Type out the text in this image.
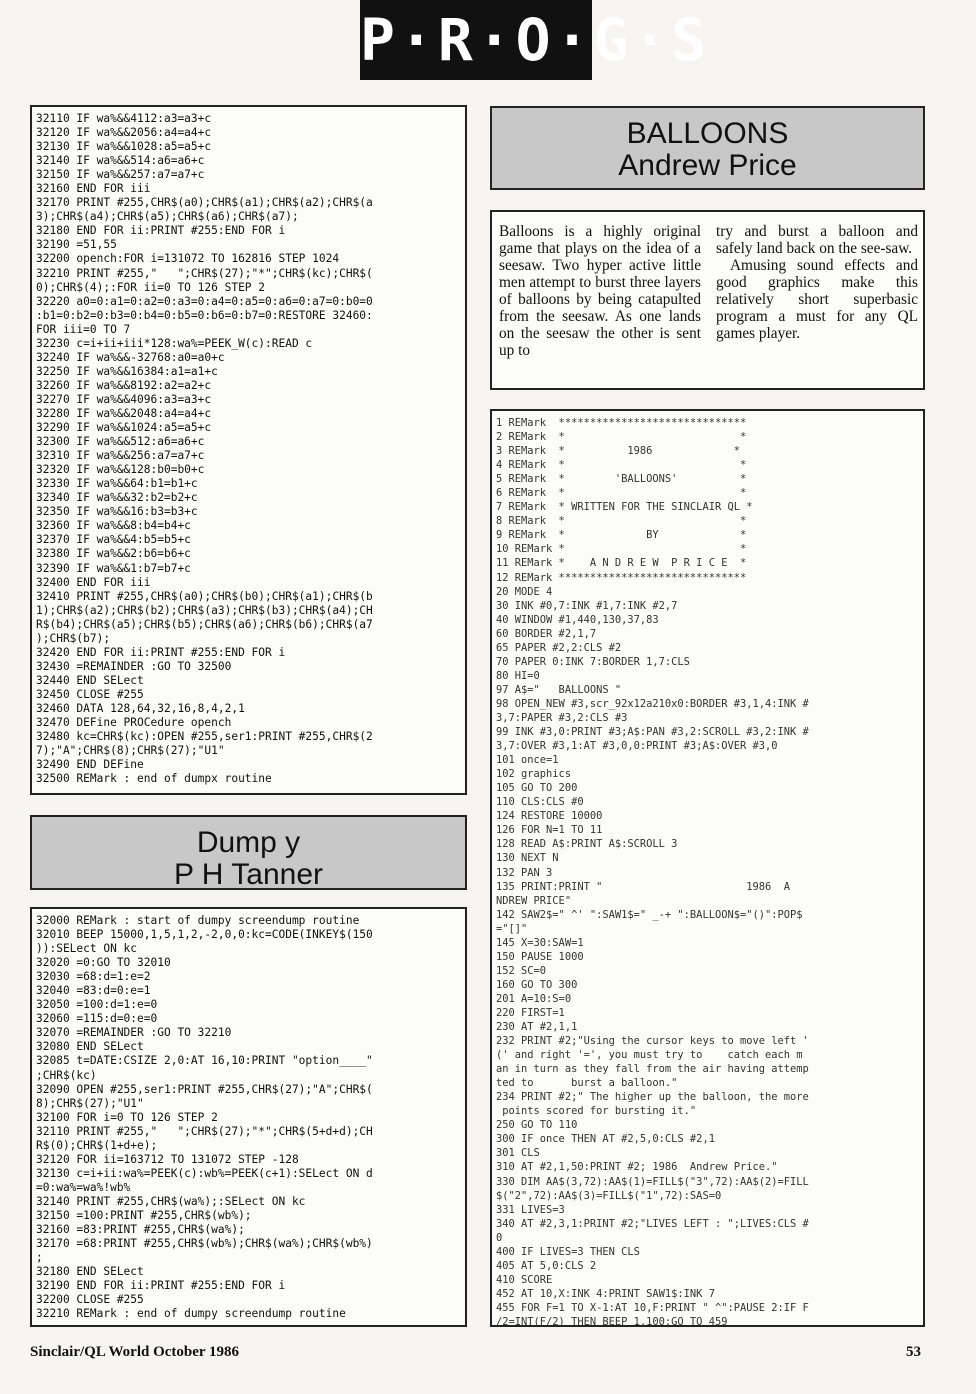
P·R·O·G·S
32110 IF wa%&&4112:a3=a3+c
32120 IF wa%&&2056:a4=a4+c
32130 IF wa%&&1028:a5=a5+c
32140 IF wa%&&514:a6=a6+c
32150 IF wa%&&257:a7=a7+c
32160 END FOR iii
32170 PRINT #255,CHR$(a0);CHR$(a1);CHR$(a2);CHR$(a
3);CHR$(a4);CHR$(a5);CHR$(a6);CHR$(a7);
32180 END FOR ii:PRINT #255:END FOR i
32190 =51,55
32200 opench:FOR i=131072 TO 162816 STEP 1024
32210 PRINT #255,"   ";CHR$(27);"*";CHR$(kc);CHR$(
0);CHR$(4);:FOR ii=0 TO 126 STEP 2
32220 a0=0:a1=0:a2=0:a3=0:a4=0:a5=0:a6=0:a7=0:b0=0
:b1=0:b2=0:b3=0:b4=0:b5=0:b6=0:b7=0:RESTORE 32460:
FOR iii=0 TO 7
32230 c=i+ii+iii*128:wa%=PEEK_W(c):READ c
32240 IF wa%&&-32768:a0=a0+c
32250 IF wa%&&16384:a1=a1+c
32260 IF wa%&&8192:a2=a2+c
32270 IF wa%&&4096:a3=a3+c
32280 IF wa%&&2048:a4=a4+c
32290 IF wa%&&1024:a5=a5+c
32300 IF wa%&&512:a6=a6+c
32310 IF wa%&&256:a7=a7+c
32320 IF wa%&&128:b0=b0+c
32330 IF wa%&&64:b1=b1+c
32340 IF wa%&&32:b2=b2+c
32350 IF wa%&&16:b3=b3+c
32360 IF wa%&&8:b4=b4+c
32370 IF wa%&&4:b5=b5+c
32380 IF wa%&&2:b6=b6+c
32390 IF wa%&&1:b7=b7+c
32400 END FOR iii
32410 PRINT #255,CHR$(a0);CHR$(b0);CHR$(a1);CHR$(b
1);CHR$(a2);CHR$(b2);CHR$(a3);CHR$(b3);CHR$(a4);CH
R$(b4);CHR$(a5);CHR$(b5);CHR$(a6);CHR$(b6);CHR$(a7
);CHR$(b7);
32420 END FOR ii:PRINT #255:END FOR i
32430 =REMAINDER :GO TO 32500
32440 END SELect
32450 CLOSE #255
32460 DATA 128,64,32,16,8,4,2,1
32470 DEFine PROCedure opench
32480 kc=CHR$(kc):OPEN #255,ser1:PRINT #255,CHR$(2
7);"A";CHR$(8);CHR$(27);"U1"
32490 END DEFine
32500 REMark : end of dumpx routine
Dump y
P H Tanner
32000 REMark : start of dumpy screendump routine
32010 BEEP 15000,1,5,1,2,-2,0,0:kc=CODE(INKEY$(150
)):SELect ON kc
32020 =0:GO TO 32010
32030 =68:d=1:e=2
32040 =83:d=0:e=1
32050 =100:d=1:e=0
32060 =115:d=0:e=0
32070 =REMAINDER :GO TO 32210
32080 END SELect
32085 t=DATE:CSIZE 2,0:AT 16,10:PRINT "option____"
;CHR$(kc)
32090 OPEN #255,ser1:PRINT #255,CHR$(27);"A";CHR$(
8);CHR$(27);"U1"
32100 FOR i=0 TO 126 STEP 2
32110 PRINT #255,"   ";CHR$(27);"*";CHR$(5+d+d);CH
R$(0);CHR$(1+d+e);
32120 FOR ii=163712 TO 131072 STEP -128
32130 c=i+ii:wa%=PEEK(c):wb%=PEEK(c+1):SELect ON d
=0:wa%=wa%!wb%
32140 PRINT #255,CHR$(wa%);:SELect ON kc
32150 =100:PRINT #255,CHR$(wb%);
32160 =83:PRINT #255,CHR$(wa%);
32170 =68:PRINT #255,CHR$(wb%);CHR$(wa%);CHR$(wb%)
;
32180 END SELect
32190 END FOR ii:PRINT #255:END FOR i
32200 CLOSE #255
32210 REMark : end of dumpy screendump routine
BALLOONS
Andrew Price

Balloons is a highly original game that plays on the idea of a seesaw. Two hyper active little men attempt to burst three layers of balloons by being catapulted from the seesaw. As one lands on the seesaw the other is sent up to

try and burst a balloon and safely land back on the see-saw.

Amusing sound effects and good graphics make this relatively short superbasic program a must for any QL games player.

1 REMark  ******************************
2 REMark  *                            *
3 REMark  *          1986             *
4 REMark  *                            *
5 REMark  *        'BALLOONS'          *
6 REMark  *                            *
7 REMark  * WRITTEN FOR THE SINCLAIR QL *
8 REMark  *                            *
9 REMark  *             BY             *
10 REMark *                            *
11 REMark *    A N D R E W  P R I C E  *
12 REMark ******************************
20 MODE 4
30 INK #0,7:INK #1,7:INK #2,7
40 WINDOW #1,440,130,37,83
60 BORDER #2,1,7
65 PAPER #2,2:CLS #2
70 PAPER 0:INK 7:BORDER 1,7:CLS
80 HI=0
97 A$="   BALLOONS "
98 OPEN_NEW #3,scr_92x12a210x0:BORDER #3,1,4:INK #
3,7:PAPER #3,2:CLS #3
99 INK #3,0:PRINT #3;A$:PAN #3,2:SCROLL #3,2:INK #
3,7:OVER #3,1:AT #3,0,0:PRINT #3;A$:OVER #3,0
101 once=1
102 graphics
105 GO TO 200
110 CLS:CLS #0
124 RESTORE 10000
126 FOR N=1 TO 11
128 READ A$:PRINT A$:SCROLL 3
130 NEXT N
132 PAN 3
135 PRINT:PRINT "                       1986  A
NDREW PRICE"
142 SAW2$=" ^' ":SAW1$=" _-+ ":BALLOON$="()":POP$
="[]"
145 X=30:SAW=1
150 PAUSE 1000
152 SC=0
160 GO TO 300
201 A=10:S=0
220 FIRST=1
230 AT #2,1,1
232 PRINT #2;"Using the cursor keys to move left '
(' and right '=', you must try to    catch each m
an in turn as they fall from the air having attemp
ted to      burst a balloon."
234 PRINT #2;" The higher up the balloon, the more
points scored for bursting it."
250 GO TO 110
300 IF once THEN AT #2,5,0:CLS #2,1
301 CLS
310 AT #2,1,50:PRINT #2; 1986  Andrew Price."
330 DIM AA$(3,72):AA$(1)=FILL$("3",72):AA$(2)=FILL
$("2",72):AA$(3)=FILL$("1",72):SAS=0
331 LIVES=3
340 AT #2,3,1:PRINT #2;"LIVES LEFT : ";LIVES:CLS #
0
400 IF LIVES=3 THEN CLS
405 AT 5,0:CLS 2
410 SCORE
452 AT 10,X:INK 4:PRINT SAW1$:INK 7
455 FOR F=1 TO X-1:AT 10,F:PRINT " ^":PAUSE 2:IF F
/2=INT(F/2) THEN BEEP 1,100:GO TO 459
Sinclair/QL World October 1986	53
